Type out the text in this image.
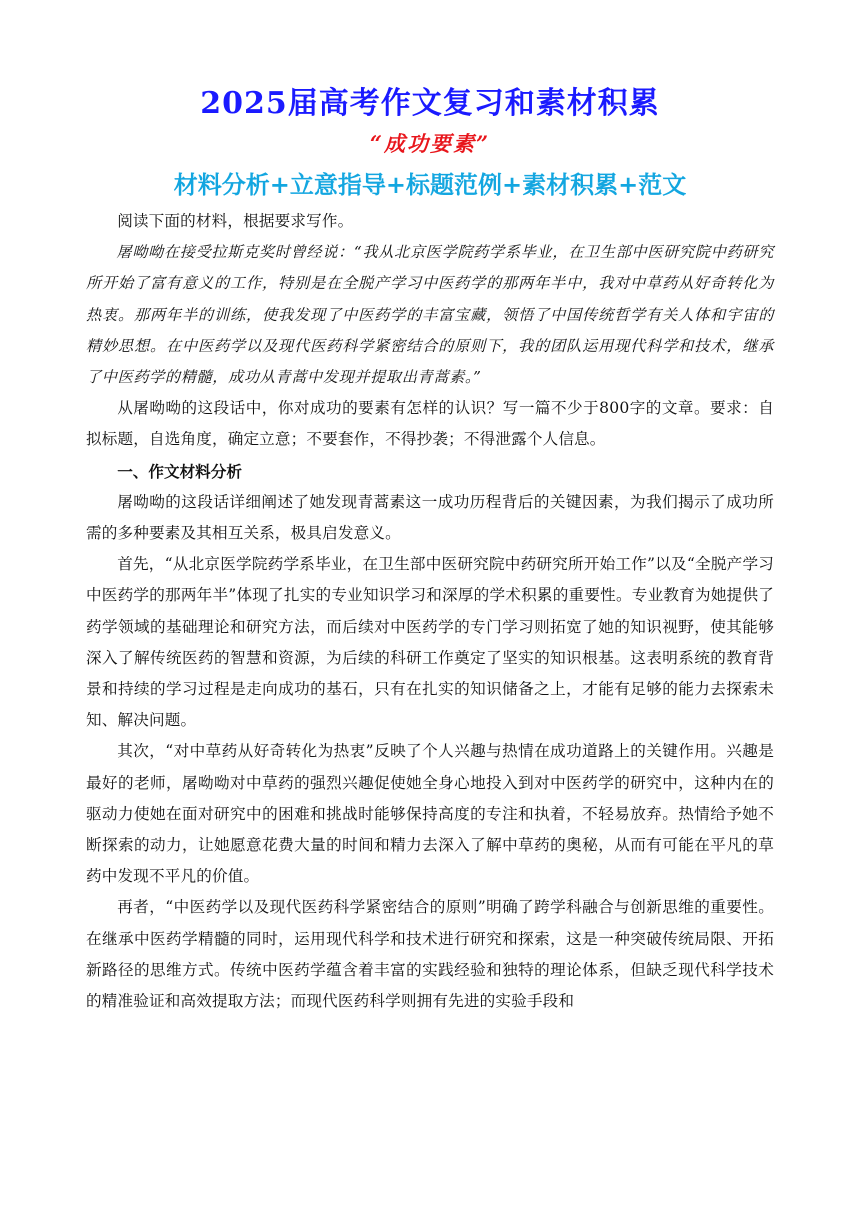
2025届高考作文复习和素材积累
“成功要素”
材料分析+立意指导+标题范例+素材积累+范文

阅读下面的材料，根据要求写作。

屠呦呦在接受拉斯克奖时曾经说：“我从北京医学院药学系毕业，在卫生部中医研究院中药研究所开始了富有意义的工作，特别是在全脱产学习中医药学的那两年半中，我对中草药从好奇转化为热衷。那两年半的训练，使我发现了中医药学的丰富宝藏，领悟了中国传统哲学有关人体和宇宙的精妙思想。在中医药学以及现代医药科学紧密结合的原则下，我的团队运用现代科学和技术，继承了中医药学的精髓，成功从青蒿中发现并提取出青蒿素。”

从屠呦呦的这段话中，你对成功的要素有怎样的认识？写一篇不少于800字的文章。要求：自拟标题，自选角度，确定立意；不要套作，不得抄袭；不得泄露个人信息。

一、作文材料分析

屠呦呦的这段话详细阐述了她发现青蒿素这一成功历程背后的关键因素，为我们揭示了成功所需的多种要素及其相互关系，极具启发意义。

首先，“从北京医学院药学系毕业，在卫生部中医研究院中药研究所开始工作”以及“全脱产学习中医药学的那两年半”体现了扎实的专业知识学习和深厚的学术积累的重要性。专业教育为她提供了药学领域的基础理论和研究方法，而后续对中医药学的专门学习则拓宽了她的知识视野，使其能够深入了解传统医药的智慧和资源，为后续的科研工作奠定了坚实的知识根基。这表明系统的教育背景和持续的学习过程是走向成功的基石，只有在扎实的知识储备之上，才能有足够的能力去探索未知、解决问题。

其次，“对中草药从好奇转化为热衷”反映了个人兴趣与热情在成功道路上的关键作用。兴趣是最好的老师，屠呦呦对中草药的强烈兴趣促使她全身心地投入到对中医药学的研究中，这种内在的驱动力使她在面对研究中的困难和挑战时能够保持高度的专注和执着，不轻易放弃。热情给予她不断探索的动力，让她愿意花费大量的时间和精力去深入了解中草药的奥秘，从而有可能在平凡的草药中发现不平凡的价值。

再者，“中医药学以及现代医药科学紧密结合的原则”明确了跨学科融合与创新思维的重要性。在继承中医药学精髓的同时，运用现代科学和技术进行研究和探索，这是一种突破传统局限、开拓新路径的思维方式。传统中医药学蕴含着丰富的实践经验和独特的理论体系，但缺乏现代科学技术的精准验证和高效提取方法；而现代医药科学则拥有先进的实验手段和
